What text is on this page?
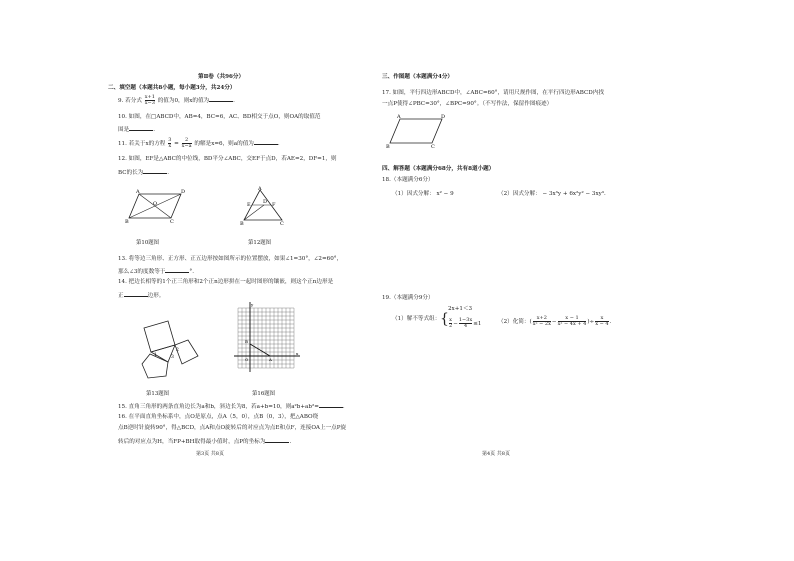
第Ⅱ卷（共96分）
二、填空题（本题共8小题，每小题3分，共24分）
9. 若分式 $\frac{x+1}{x-3}$ 的值为0，则x的值为	.
10. 如图，在□ABCD中，AB=4，BC=6，AC、BD相交于点O，则OA的取值范
围是	.
11. 若关于x的方程 $\frac{3}{x} = \frac{2}{x-a}$ 的解是x=6，则a的值为	.
12. 如图，EF是△ABC的中位线，BD平分∠ABC，交EF于点D，若AE=2，DF=1，则
BC的长为	.
A	D
B	C
O
第10题图
A
E	F
D
B	C
第12题图
13. 将等边三角形、正方形、正五边形按如图所示的位置摆放，如果∠1=30°，∠2=60°，
那么∠3的度数等于	°.
14. 把边长相等的1个正三角形和2个正n边形拼在一起时图形的镶嵌，则这个正n边形是
正	边形。
1	3
2
第13题图
y
x
B
O	A
第16题图
15. 直角三角形的两条直角边长为a和b，斜边长为8，若a+b=10，则a²b+ab²=	.
16. 在平面直角坐标系中，点O是原点，点A（5，0），点B（0，3），把△ABO绕
点B逆时针旋转90°，得△BCD，点A和点O旋转后的对应点为点E和点F，连接OA上一点P旋
转后的对应点为H，当FP+BH取得最小值时，点P的坐标为	.
第3页 共8页
三、作图题（本题满分4分）
17. 如图，平行四边形ABCD中，∠ABC=60°，请用尺规作图，在平行四边形ABCD内找
一点P使得∠PBC=30°，∠BPC=90°。（不写作法，保留作图痕迹）
A	D
B	C
四、解答题（本题满分68分，共有8道小题）
18.（本题满分6分）
（1）因式分解： x² − 9	（2）因式分解： − 3x³y + 6x²y² − 3xy³.
19.（本题满分9分）
（1）解不等式组： {
2x+1＜3
$\frac{x}{2} - \frac{1-3x}{4} \le 1$	（2）化简：( $\frac{x+2}{\text{x² − 2x}} - \frac{x - 1}{\text{x² − 4x + 4}}$ )÷ $\frac{x}{x - 4}$ .
第4页 共8页
